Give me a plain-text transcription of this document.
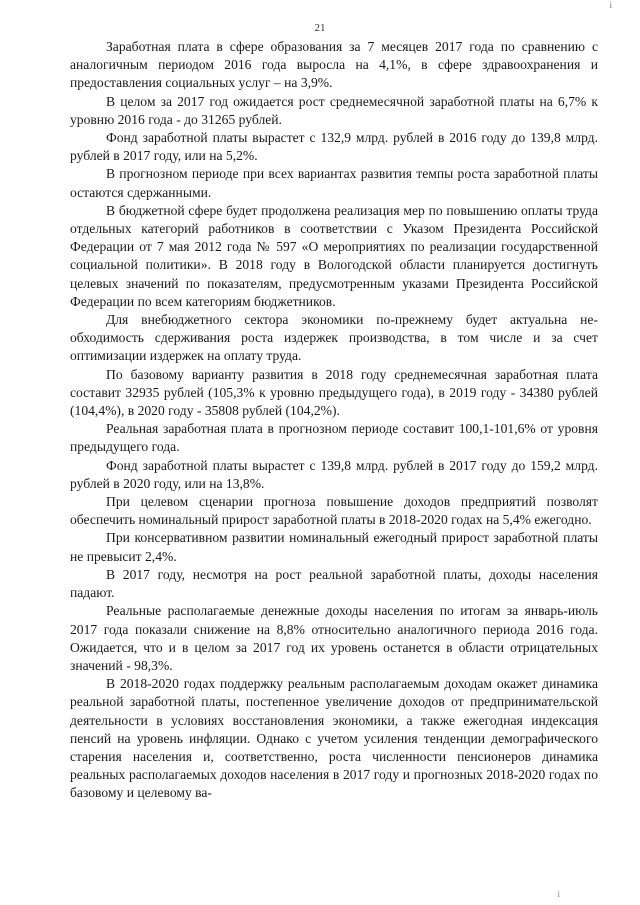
i
21

Заработная плата в сфере образования за 7 месяцев 2017 года по сравнению с аналогичным периодом 2016 года выросла на 4,1%, в сфере здравоохранения и предоставления социальных услуг – на 3,9%.

В целом за 2017 год ожидается рост среднемесячной заработной платы на 6,7% к уровню 2016 года - до 31265 рублей.

Фонд заработной платы вырастет с 132,9 млрд. рублей в 2016 году до 139,8 млрд. рублей в 2017 году, или на 5,2%.

В прогнозном периоде при всех вариантах развития темпы роста заработной платы остаются сдержанными.

В бюджетной сфере будет продолжена реализация мер по повышению оплаты труда отдельных категорий работников в соответствии с Указом Президента Российской Федерации от 7 мая 2012 года № 597 «О мероприятиях по реализации государственной социальной политики». В 2018 году в Вологодской области планируется достигнуть целевых значений по показателям, предусмотренным указами Президента Российской Федерации по всем категориям бюджетников.

Для внебюджетного сектора экономики по-прежнему будет актуальна необходимость сдерживания роста издержек производства, в том числе и за счет оптимизации издержек на оплату труда.

По базовому варианту развития в 2018 году среднемесячная заработная плата составит 32935 рублей (105,3% к уровню предыдущего года), в 2019 году - 34380 рублей (104,4%), в 2020 году - 35808 рублей (104,2%).

Реальная заработная плата в прогнозном периоде составит 100,1-101,6% от уровня предыдущего года.

Фонд заработной платы вырастет с 139,8 млрд. рублей в 2017 году до 159,2 млрд. рублей в 2020 году, или на 13,8%.

При целевом сценарии прогноза повышение доходов предприятий позволят обеспечить номинальный прирост заработной платы в 2018-2020 годах на 5,4% ежегодно.

При консервативном развитии номинальный ежегодный прирост заработной платы не превысит 2,4%.

В 2017 году, несмотря на рост реальной заработной платы, доходы населения падают.

Реальные располагаемые денежные доходы населения по итогам за январь-июль 2017 года показали снижение на 8,8% относительно аналогичного периода 2016 года. Ожидается, что и в целом за 2017 год их уровень останется в области отрицательных значений - 98,3%.

В 2018-2020 годах поддержку реальным располагаемым доходам окажет динамика реальной заработной платы, постепенное увеличение доходов от предпринимательской деятельности в условиях восстановления экономики, а также ежегодная индексация пенсий на уровень инфляции. Однако с учетом усиления тенденции демографического старения населения и, соответственно, роста численности пенсионеров динамика реальных располагаемых доходов населения в 2017 году и прогнозных 2018-2020 годах по базовому и целевому ва-

i
